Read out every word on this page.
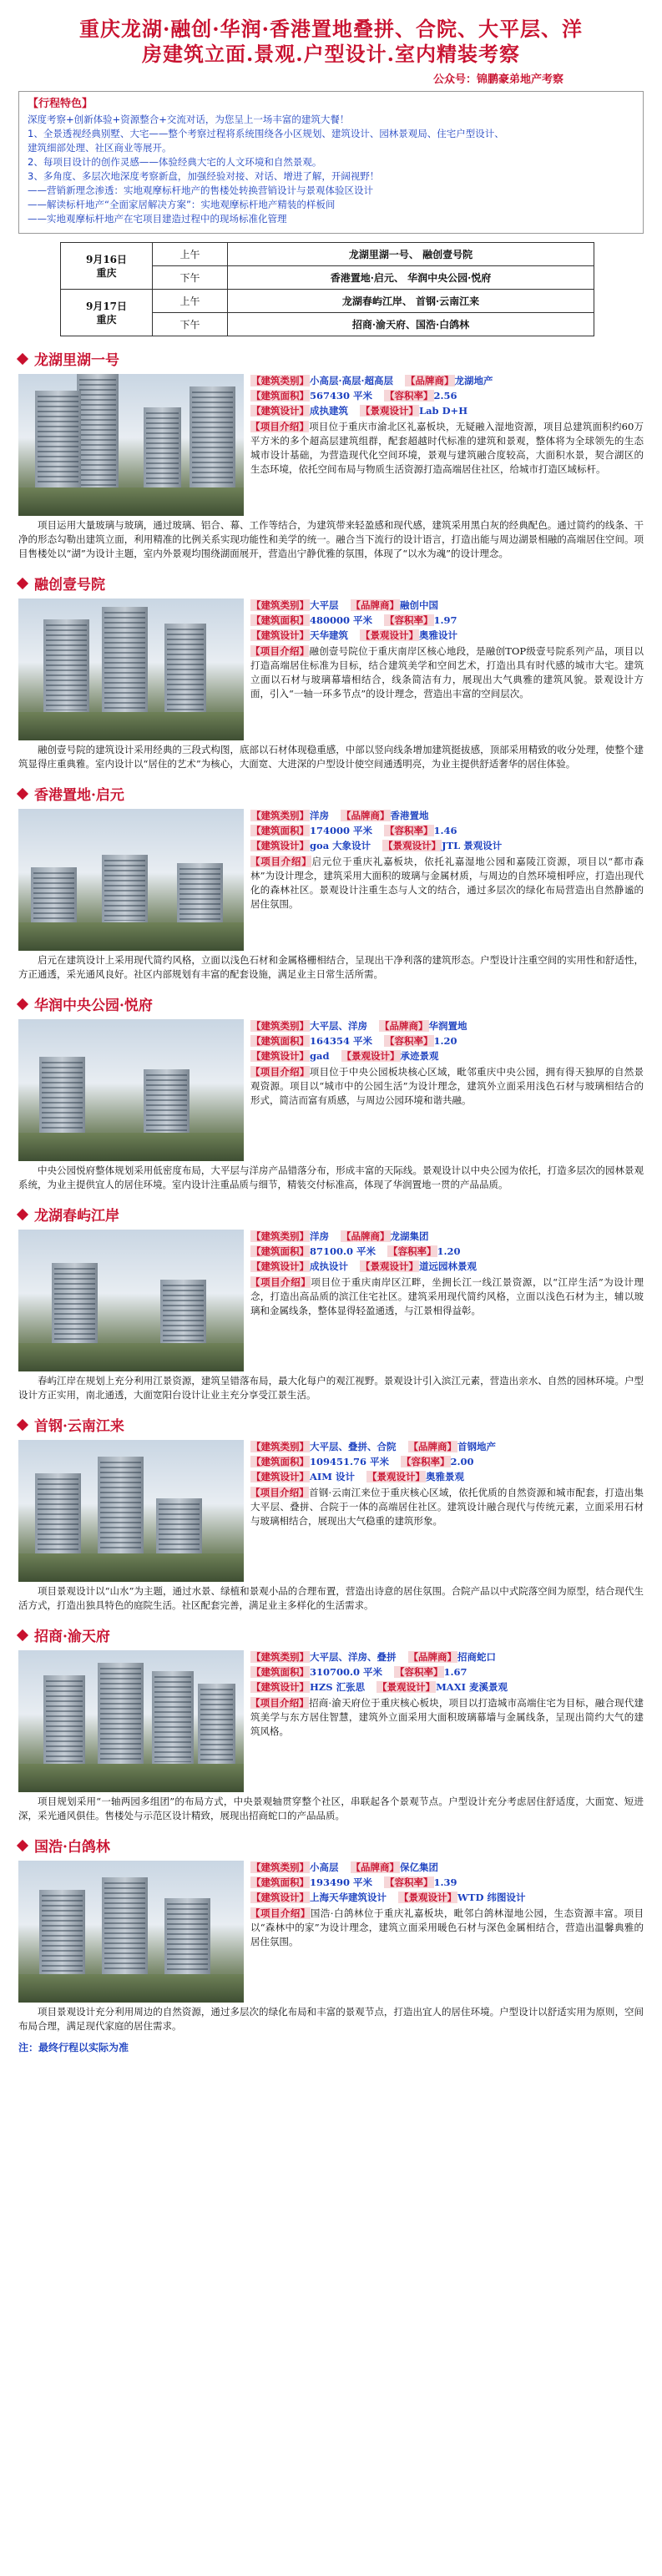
重庆龙湖·融创·华润·香港置地叠拼、合院、大平层、洋
房建筑立面.景观.户型设计.室内精装考察
公众号：锦鹏豪弟地产考察
【行程特色】
深度考察+创新体验+资源整合+交流对话，为您呈上一场丰富的建筑大餐！
1、全景透视经典别墅、大宅——整个考察过程将系统围绕各小区规划、建筑设计、园林景观局、住宅户型设计、
建筑细部处理、社区商业等展开。
2、每项目设计的创作灵感——体验经典大宅的人文环境和自然景观。
3、多角度、多层次地深度考察新盘，加强经验对接、对话、增进了解，开阔视野！
——营销新理念渗透：实地观摩标杆地产的售楼处转换营销设计与景观体验区设计
——解读标杆地产“全面家居解决方案”：实地观摩标杆地产精装的样板间
——实地观摩标杆地产在宅项目建造过程中的现场标准化管理
9月16日
重庆	上午	龙湖里湖一号、 融创壹号院
	下午	香港置地·启元、 华润中央公园·悦府

9月17日
重庆	上午	龙湖春屿江岸、 首钢·云南江来
	下午	招商·渝天府、国浩·白鸽林
龙湖里湖一号
【建筑类别】小高层·高层·超高层 【品牌商】龙湖地产
【建筑面积】567430 平米 【容积率】2.56
【建筑设计】成执建筑 【景观设计】Lab D+H
【项目介绍】项目位于重庆市渝北区礼嘉板块，无疑融入湿地资源，项目总建筑面积约60万平方米的多个超高层建筑组群，配套超越时代标准的建筑和景观，整体将为全球领先的生态城市设计基础，为营造现代化空间环境，景观与建筑融合度较高，大面积水景，契合湖区的生态环境，依托空间布局与物质生活资源打造高端居住社区，给城市打造区域标杆。
项目运用大量玻璃与玻璃，通过玻璃、铝合、幕、工作等结合，为建筑带来轻盈感和现代感，建筑采用黑白灰的经典配色。通过简约的线条、干净的形态勾勒出建筑立面，利用精准的比例关系实现功能性和美学的统一。融合当下流行的设计语言，打造出能与周边湖景相融的高端居住空间。项目售楼处以“湖”为设计主题，室内外景观均围绕湖面展开，营造出宁静优雅的氛围，体现了“以水为魂”的设计理念。
融创壹号院
【建筑类别】大平层 【品牌商】融创中国
【建筑面积】480000 平米 【容积率】1.97
【建筑设计】天华建筑 【景观设计】奥雅设计
【项目介绍】融创壹号院位于重庆南岸区核心地段，是融创TOP级壹号院系列产品，项目以打造高端居住标准为目标，结合建筑美学和空间艺术，打造出具有时代感的城市大宅。建筑立面以石材与玻璃幕墙相结合，线条简洁有力，展现出大气典雅的建筑风貌。景观设计方面，引入“一轴一环多节点”的设计理念，营造出丰富的空间层次。
融创壹号院的建筑设计采用经典的三段式构图，底部以石材体现稳重感，中部以竖向线条增加建筑挺拔感，顶部采用精致的收分处理，使整个建筑显得庄重典雅。室内设计以“居住的艺术”为核心，大面宽、大进深的户型设计使空间通透明亮，为业主提供舒适奢华的居住体验。
香港置地·启元
【建筑类别】洋房 【品牌商】香港置地
【建筑面积】174000 平米 【容积率】1.46
【建筑设计】goa 大象设计 【景观设计】JTL 景观设计
【项目介绍】启元位于重庆礼嘉板块，依托礼嘉湿地公园和嘉陵江资源，项目以“都市森林”为设计理念，建筑采用大面积的玻璃与金属材质，与周边的自然环境相呼应，打造出现代化的森林社区。景观设计注重生态与人文的结合，通过多层次的绿化布局营造出自然静谧的居住氛围。
启元在建筑设计上采用现代简约风格，立面以浅色石材和金属格栅相结合，呈现出干净利落的建筑形态。户型设计注重空间的实用性和舒适性，方正通透，采光通风良好。社区内部规划有丰富的配套设施，满足业主日常生活所需。
华润中央公园·悦府
【建筑类别】大平层、洋房 【品牌商】华润置地
【建筑面积】164354 平米 【容积率】1.20
【建筑设计】gad 【景观设计】承迹景观
【项目介绍】项目位于中央公园板块核心区域，毗邻重庆中央公园，拥有得天独厚的自然景观资源。项目以“城市中的公园生活”为设计理念，建筑外立面采用浅色石材与玻璃相结合的形式，简洁而富有质感，与周边公园环境和谐共融。
中央公园悦府整体规划采用低密度布局，大平层与洋房产品错落分布，形成丰富的天际线。景观设计以中央公园为依托，打造多层次的园林景观系统，为业主提供宜人的居住环境。室内设计注重品质与细节，精装交付标准高，体现了华润置地一贯的产品品质。
龙湖春屿江岸
【建筑类别】洋房 【品牌商】龙湖集团
【建筑面积】87100.0 平米 【容积率】1.20
【建筑设计】成执设计 【景观设计】道远园林景观
【项目介绍】项目位于重庆南岸区江畔，坐拥长江一线江景资源，以“江岸生活”为设计理念，打造出高品质的滨江住宅社区。建筑采用现代简约风格，立面以浅色石材为主，辅以玻璃和金属线条，整体显得轻盈通透，与江景相得益彰。
春屿江岸在规划上充分利用江景资源，建筑呈错落布局，最大化每户的观江视野。景观设计引入滨江元素，营造出亲水、自然的园林环境。户型设计方正实用，南北通透，大面宽阳台设计让业主充分享受江景生活。
首钢·云南江来
【建筑类别】大平层、叠拼、合院 【品牌商】首钢地产
【建筑面积】109451.76 平米 【容积率】2.00
【建筑设计】AIM 设计 【景观设计】奥雅景观
【项目介绍】首钢·云南江来位于重庆核心区域，依托优质的自然资源和城市配套，打造出集大平层、叠拼、合院于一体的高端居住社区。建筑设计融合现代与传统元素，立面采用石材与玻璃相结合，展现出大气稳重的建筑形象。
项目景观设计以“山水”为主题，通过水景、绿植和景观小品的合理布置，营造出诗意的居住氛围。合院产品以中式院落空间为原型，结合现代生活方式，打造出独具特色的庭院生活。社区配套完善，满足业主多样化的生活需求。
招商·渝天府
【建筑类别】大平层、洋房、叠拼 【品牌商】招商蛇口
【建筑面积】310700.0 平米 【容积率】1.67
【建筑设计】HZS 汇张思 【景观设计】MAXI 麦溪景观
【项目介绍】招商·渝天府位于重庆核心板块，项目以打造城市高端住宅为目标，融合现代建筑美学与东方居住智慧，建筑外立面采用大面积玻璃幕墙与金属线条，呈现出简约大气的建筑风格。
项目规划采用“一轴两园多组团”的布局方式，中央景观轴贯穿整个社区，串联起各个景观节点。户型设计充分考虑居住舒适度，大面宽、短进深，采光通风俱佳。售楼处与示范区设计精致，展现出招商蛇口的产品品质。
国浩·白鸽林
【建筑类别】小高层 【品牌商】保亿集团
【建筑面积】193490 平米 【容积率】1.39
【建筑设计】上海天华建筑设计 【景观设计】WTD 纬图设计
【项目介绍】国浩·白鸽林位于重庆礼嘉板块，毗邻白鸽林湿地公园，生态资源丰富。项目以“森林中的家”为设计理念，建筑立面采用暖色石材与深色金属相结合，营造出温馨典雅的居住氛围。
项目景观设计充分利用周边的自然资源，通过多层次的绿化布局和丰富的景观节点，打造出宜人的居住环境。户型设计以舒适实用为原则，空间布局合理，满足现代家庭的居住需求。
注：最终行程以实际为准
